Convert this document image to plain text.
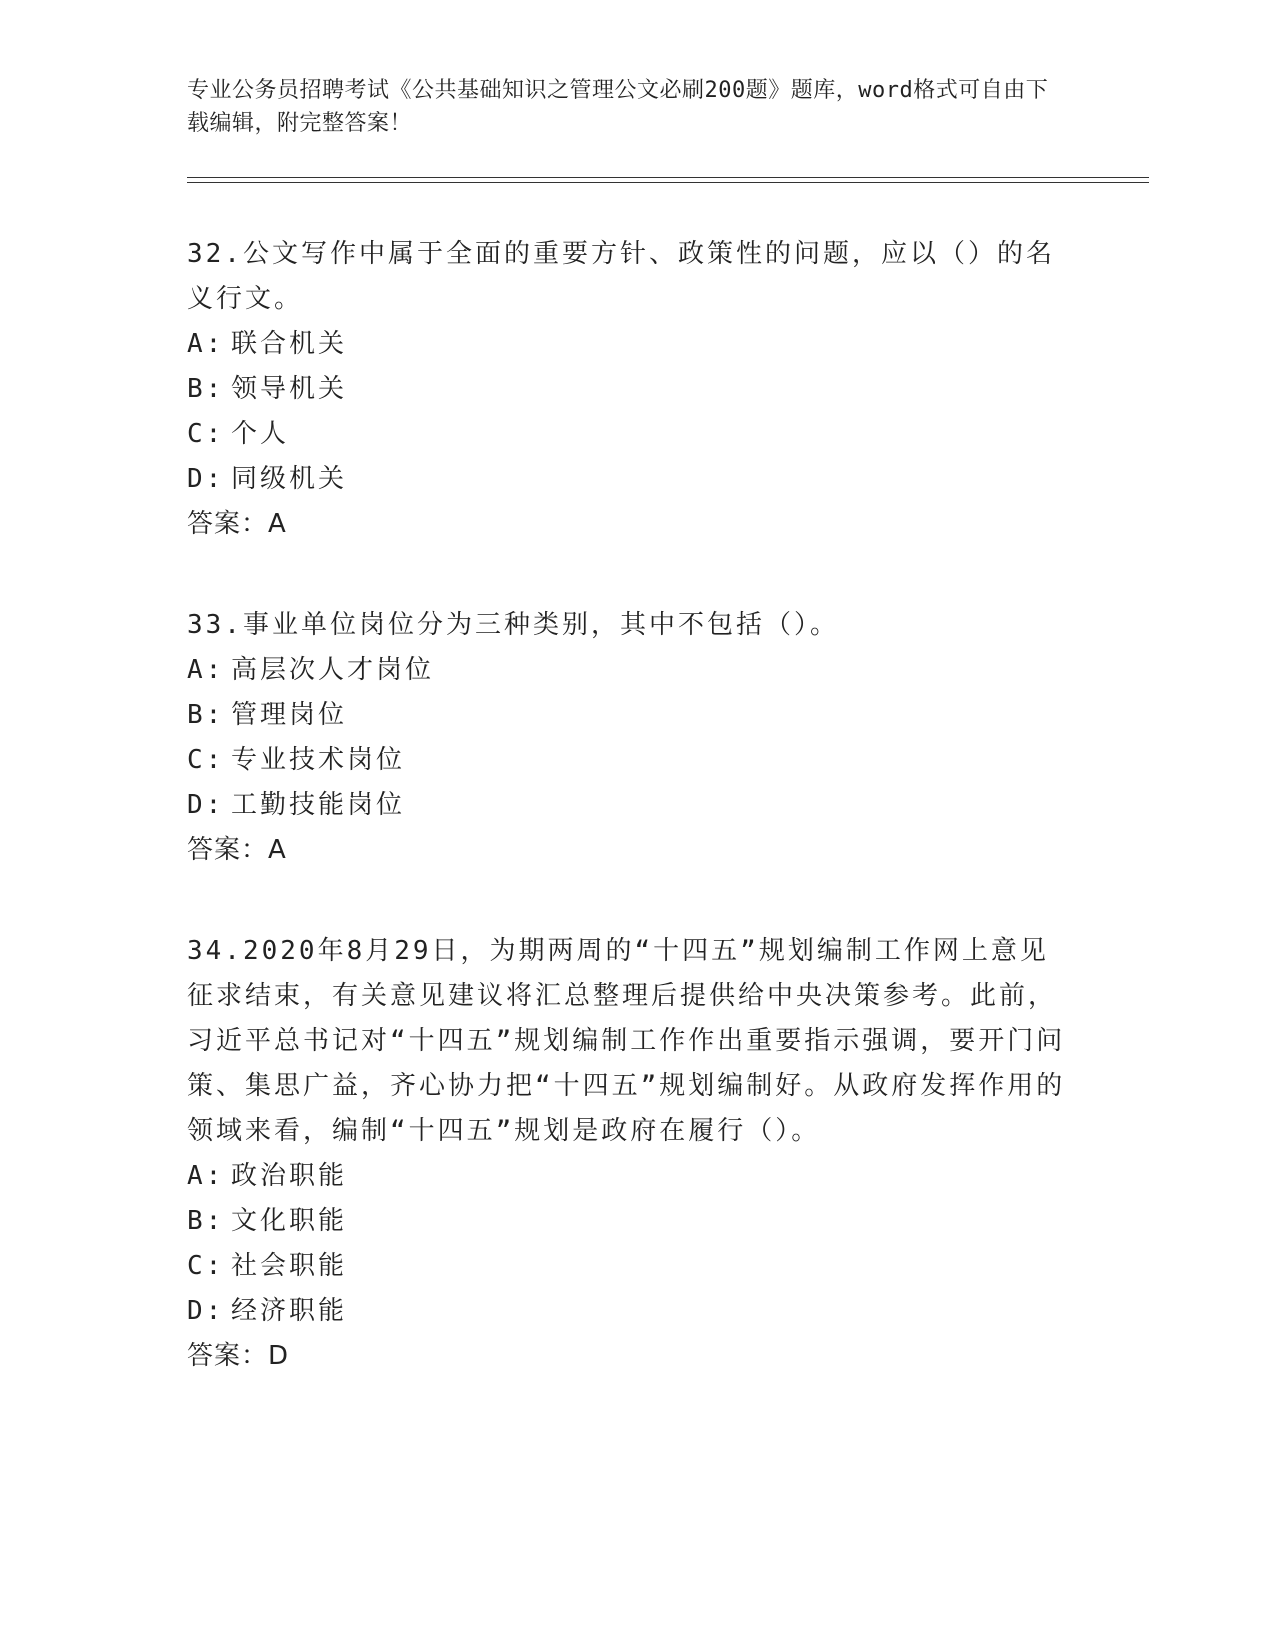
专业公务员招聘考试《公共基础知识之管理公文必刷200题》题库，word格式可自由下载编辑，附完整答案！

32.公文写作中属于全面的重要方针、政策性的问题，应以（）的名义行文。

A: 联合机关
B: 领导机关
C: 个人
D: 同级机关
答案：A

33.事业单位岗位分为三种类别，其中不包括（）。

A: 高层次人才岗位
B: 管理岗位
C: 专业技术岗位
D: 工勤技能岗位
答案：A

34.2020年8月29日，为期两周的“十四五”规划编制工作网上意见征求结束，有关意见建议将汇总整理后提供给中央决策参考。此前，习近平总书记对“十四五”规划编制工作作出重要指示强调，要开门问策、集思广益，齐心协力把“十四五”规划编制好。从政府发挥作用的领域来看，编制“十四五”规划是政府在履行（）。

A: 政治职能
B: 文化职能
C: 社会职能
D: 经济职能
答案：D
